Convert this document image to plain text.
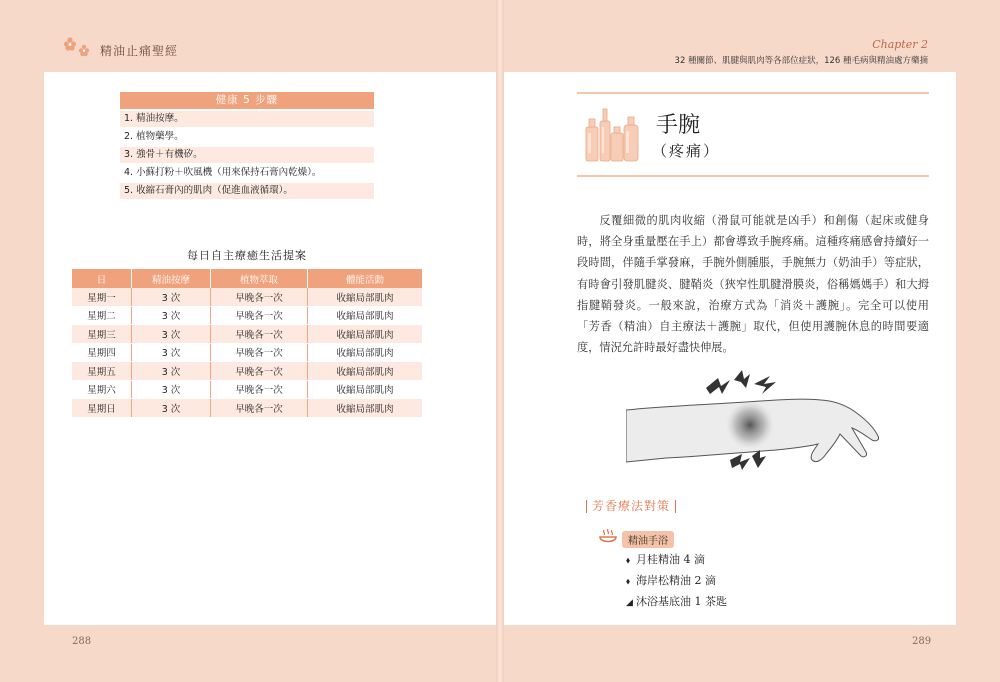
精油止痛聖經	Chapter 2
32 種關節、肌腱與肌肉等各部位症狀，126 種毛病與精油處方藥摘
健康 5 步驟
1. 精油按摩。
2. 植物藥學。
3. 強骨＋有機矽。
4. 小蘇打粉＋吹風機（用來保持石膏內乾燥）。
5. 收縮石膏內的肌肉（促進血液循環）。
每日自主療癒生活提案
日	精油按摩	植物萃取	體能活動
星期一	3 次	早晚各一次	收縮局部肌肉
星期二	3 次	早晚各一次	收縮局部肌肉
星期三	3 次	早晚各一次	收縮局部肌肉
星期四	3 次	早晚各一次	收縮局部肌肉
星期五	3 次	早晚各一次	收縮局部肌肉
星期六	3 次	早晚各一次	收縮局部肌肉
星期日	3 次	早晚各一次	收縮局部肌肉
288
手腕
（疼痛）

反覆細微的肌肉收縮（滑鼠可能就是凶手）和創傷（起床或健身時，將全身重量壓在手上）都會導致手腕疼痛。這種疼痛感會持續好一段時間，伴隨手掌發麻，手腕外側腫脹，手腕無力（奶油手）等症狀，有時會引發肌腱炎、腱鞘炎（狹窄性肌腱滑膜炎，俗稱媽媽手）和大拇指腱鞘發炎。一般來說，治療方式為「消炎＋護腕」。完全可以使用「芳香（精油）自主療法＋護腕」取代，但使用護腕休息的時間要適度，情況允許時最好盡快伸展。

芳香療法對策
精油手浴
⬧ 月桂精油 4 滴
⬧ 海岸松精油 2 滴
◢ 沐浴基底油 1 茶匙
289
